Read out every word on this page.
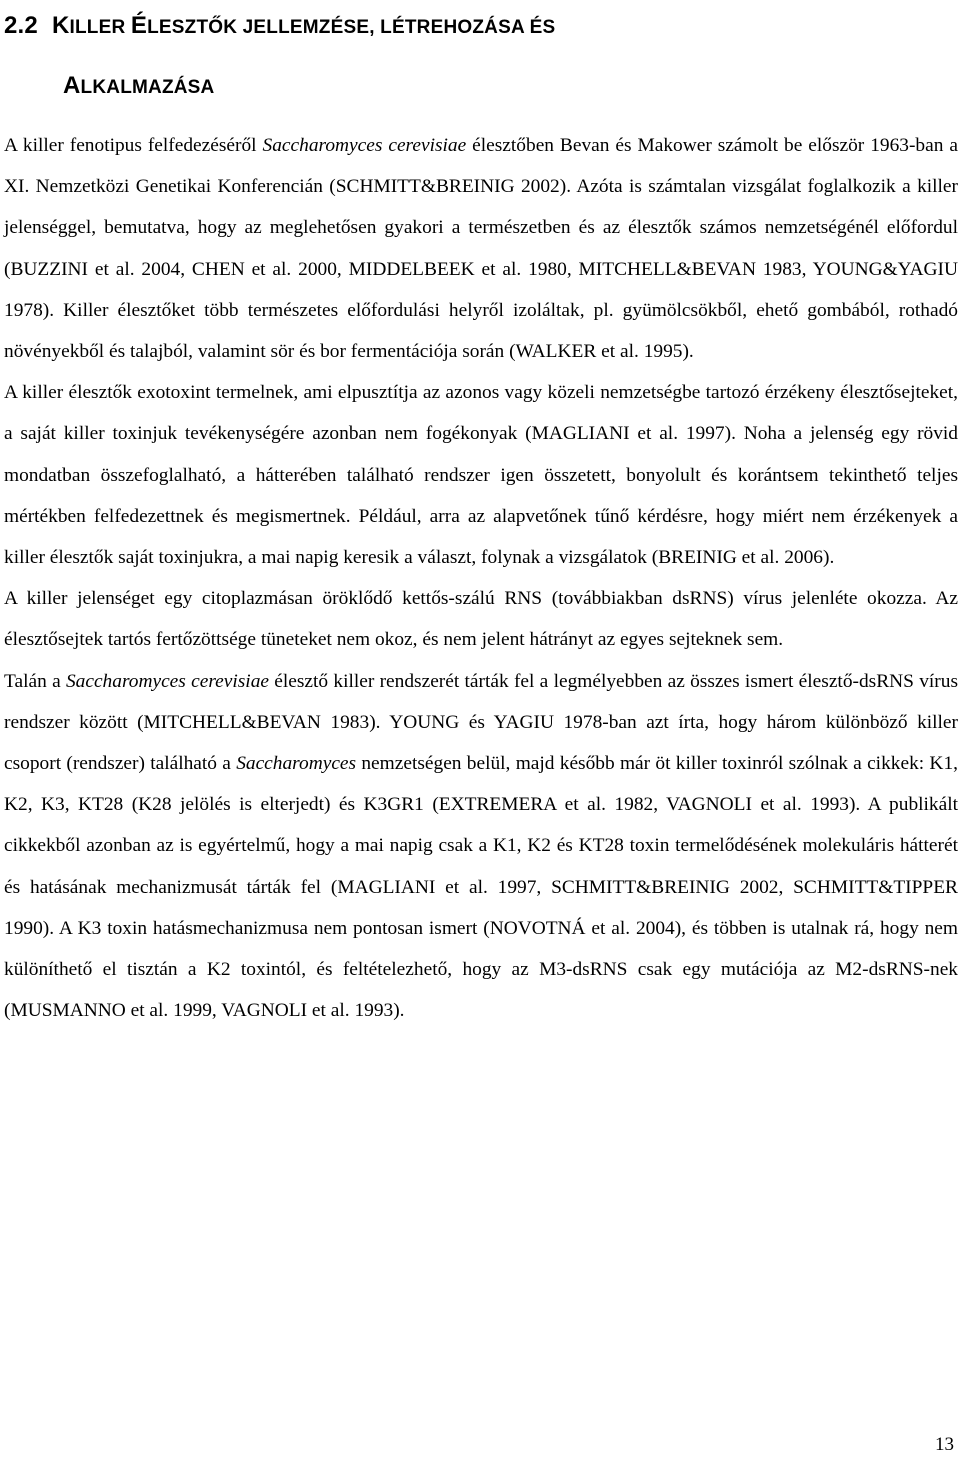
2.2 KILLER ÉLESZTŐK JELLEMZÉSE, LÉTREHOZÁSA ÉS
ALKALMAZÁSA

A killer fenotipus felfedezéséről Saccharomyces cerevisiae élesztőben Bevan és Makower számolt be először 1963-ban a XI. Nemzetközi Genetikai Konferencián (SCHMITT&BREINIG 2002). Azóta is számtalan vizsgálat foglalkozik a killer jelenséggel, bemutatva, hogy az meglehetősen gyakori a természetben és az élesztők számos nemzetségénél előfordul (BUZZINI et al. 2004, CHEN et al. 2000, MIDDELBEEK et al. 1980, MITCHELL&BEVAN 1983, YOUNG&YAGIU 1978). Killer élesztőket több természetes előfordulási helyről izoláltak, pl. gyümölcsökből, ehető gombából, rothadó növényekből és talajból, valamint sör és bor fermentációja során (WALKER et al. 1995).

A killer élesztők exotoxint termelnek, ami elpusztítja az azonos vagy közeli nemzetségbe tartozó érzékeny élesztősejteket, a saját killer toxinjuk tevékenységére azonban nem fogékonyak (MAGLIANI et al. 1997). Noha a jelenség egy rövid mondatban összefoglalható, a hátterében található rendszer igen összetett, bonyolult és korántsem tekinthető teljes mértékben felfedezettnek és megismertnek. Például, arra az alapvetőnek tűnő kérdésre, hogy miért nem érzékenyek a killer élesztők saját toxinjukra, a mai napig keresik a választ, folynak a vizsgálatok (BREINIG et al. 2006).

A killer jelenséget egy citoplazmásan öröklődő kettős-szálú RNS (továbbiakban dsRNS) vírus jelenléte okozza. Az élesztősejtek tartós fertőzöttsége tüneteket nem okoz, és nem jelent hátrányt az egyes sejteknek sem.

Talán a Saccharomyces cerevisiae élesztő killer rendszerét tárták fel a legmélyebben az összes ismert élesztő-dsRNS vírus rendszer között (MITCHELL&BEVAN 1983). YOUNG és YAGIU 1978-ban azt írta, hogy három különböző killer csoport (rendszer) található a Saccharomyces nemzetségen belül, majd később már öt killer toxinról szólnak a cikkek: K1, K2, K3, KT28 (K28 jelölés is elterjedt) és K3GR1 (EXTREMERA et al. 1982, VAGNOLI et al. 1993). A publikált cikkekből azonban az is egyértelmű, hogy a mai napig csak a K1, K2 és KT28 toxin termelődésének molekuláris hátterét és hatásának mechanizmusát tárták fel (MAGLIANI et al. 1997, SCHMITT&BREINIG 2002, SCHMITT&TIPPER 1990). A K3 toxin hatásmechanizmusa nem pontosan ismert (NOVOTNÁ et al. 2004), és többen is utalnak rá, hogy nem különíthető el tisztán a K2 toxintól, és feltételezhető, hogy az M3-dsRNS csak egy mutációja az M2-dsRNS-nek (MUSMANNO et al. 1999, VAGNOLI et al. 1993).

13
